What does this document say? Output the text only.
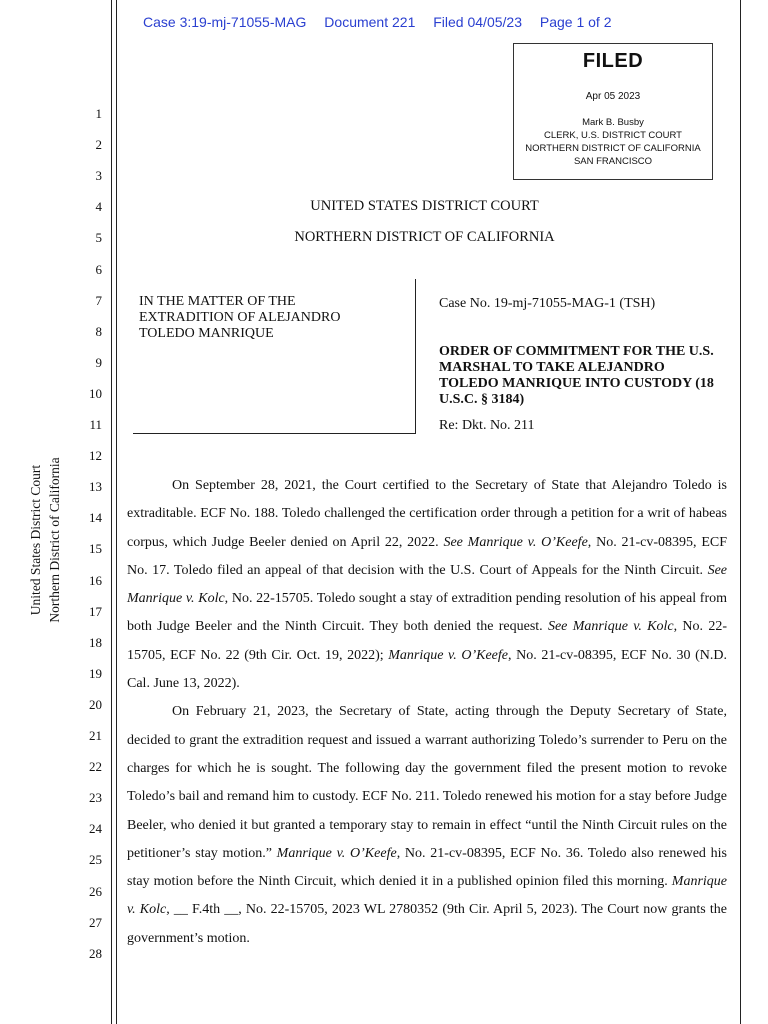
Case 3:19-mj-71055-MAG Document 221 Filed 04/05/23 Page 1 of 2
FILED
Apr 05 2023
Mark B. Busby
CLERK, U.S. DISTRICT COURT
NORTHERN DISTRICT OF CALIFORNIA
SAN FRANCISCO
1
2
3
4
5
6
7
8
9
10
11
12
13
14
15
16
17
18
19
20
21
22
23
24
25
26
27
28
UNITED STATES DISTRICT COURT
NORTHERN DISTRICT OF CALIFORNIA
IN THE MATTER OF THE
EXTRADITION OF ALEJANDRO
TOLEDO MANRIQUE
Case No. 19-mj-71055-MAG-1 (TSH)
ORDER OF COMMITMENT FOR THE U.S. MARSHAL TO TAKE ALEJANDRO TOLEDO MANRIQUE INTO CUSTODY (18 U.S.C. § 3184)
Re: Dkt. No. 211

On September 28, 2021, the Court certified to the Secretary of State that Alejandro Toledo is extraditable. ECF No. 188. Toledo challenged the certification order through a petition for a writ of habeas corpus, which Judge Beeler denied on April 22, 2022. See Manrique v. O’Keefe, No. 21-cv-08395, ECF No. 17. Toledo filed an appeal of that decision with the U.S. Court of Appeals for the Ninth Circuit. See Manrique v. Kolc, No. 22-15705. Toledo sought a stay of extradition pending resolution of his appeal from both Judge Beeler and the Ninth Circuit. They both denied the request. See Manrique v. Kolc, No. 22-15705, ECF No. 22 (9th Cir. Oct. 19, 2022); Manrique v. O’Keefe, No. 21-cv-08395, ECF No. 30 (N.D. Cal. June 13, 2022).

On February 21, 2023, the Secretary of State, acting through the Deputy Secretary of State, decided to grant the extradition request and issued a warrant authorizing Toledo’s surrender to Peru on the charges for which he is sought. The following day the government filed the present motion to revoke Toledo’s bail and remand him to custody. ECF No. 211. Toledo renewed his motion for a stay before Judge Beeler, who denied it but granted a temporary stay to remain in effect “until the Ninth Circuit rules on the petitioner’s stay motion.” Manrique v. O’Keefe, No. 21-cv-08395, ECF No. 36. Toledo also renewed his stay motion before the Ninth Circuit, which denied it in a published opinion filed this morning. Manrique v. Kolc, __ F.4th __, No. 22-15705, 2023 WL 2780352 (9th Cir. April 5, 2023). The Court now grants the government’s motion.

United States District Court Northern District of California
